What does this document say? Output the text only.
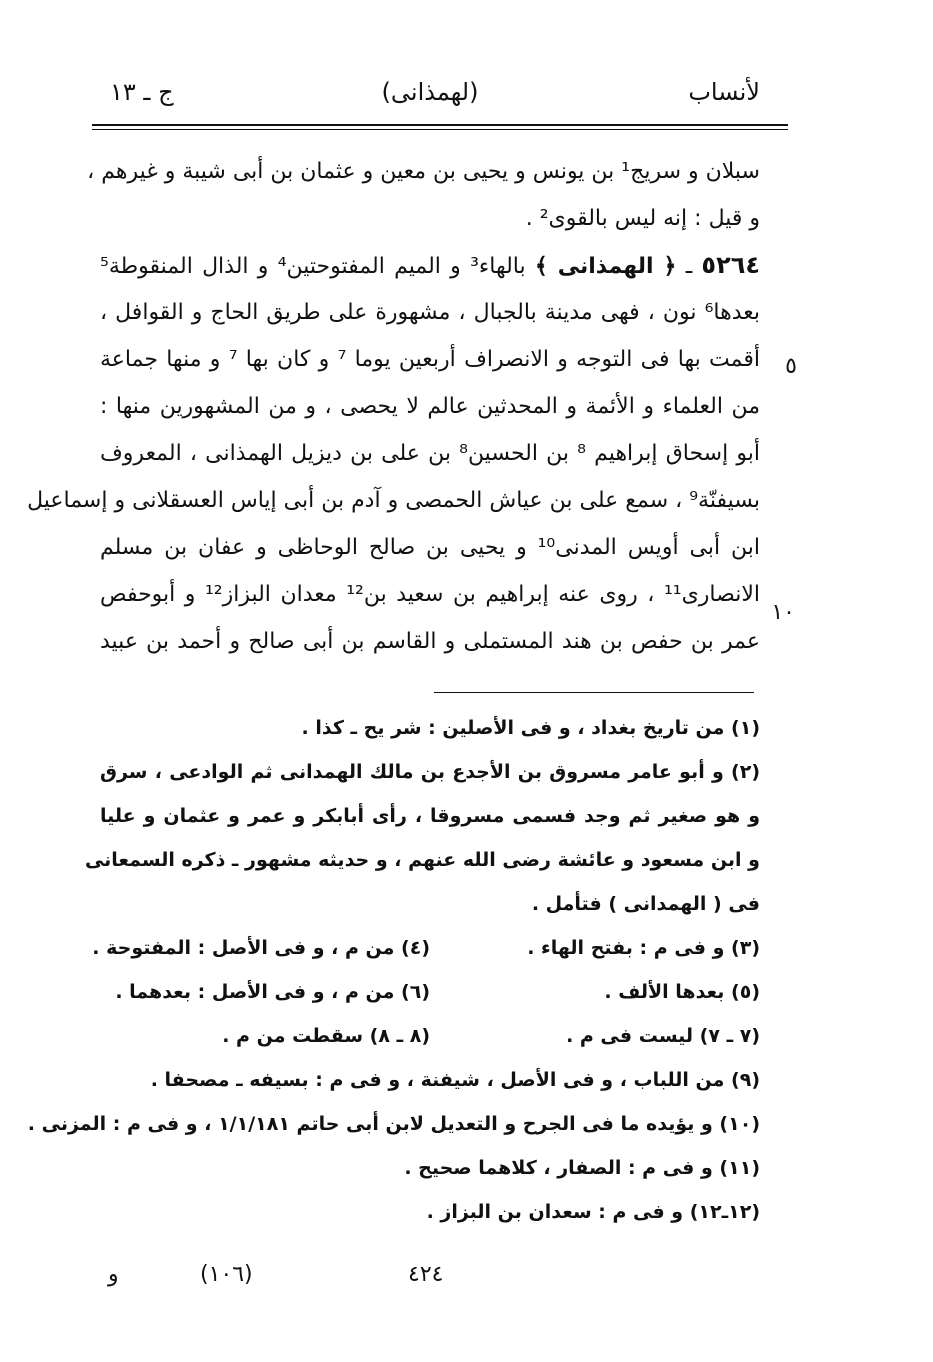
لأنساب
(لهمذانى)
ج ـ ١٣
٥
١٠
سبلان و سريج¹ بن يونس و يحيى بن معين و عثمان بن أبى شيبة و غيرهم ،
و قيل : إنه ليس بالقوى² .
٥٢٦٤ ـ ﴿ الهمذانى ﴾ بالهاء³ و الميم المفتوحتين⁴ و الذال المنقوطة⁵
بعدها⁶ نون ، فهى مدينة بالجبال ، مشهورة على طريق الحاج و القوافل ،
أقمت بها فى التوجه و الانصراف أربعين يوما ⁷ و كان بها ⁷ و منها جماعة
من العلماء و الأئمة و المحدثين عالم لا يحصى ، و من المشهورين منها :
أبو إسحاق إبراهيم ⁸ بن الحسين⁸ بن على بن ديزيل الهمذانى ، المعروف
بسيفنّة⁹ ، سمع على بن عياش الحمصى و آدم بن أبى إياس العسقلانى و إسماعيل
ابن أبى أويس المدنى¹⁰ و يحيى بن صالح الوحاظى و عفان بن مسلم
الانصارى¹¹ ، روى عنه إبراهيم بن سعيد بن¹² معدان البزاز¹² و أبوحفص
عمر بن حفص بن هند المستملى و القاسم بن أبى صالح و أحمد بن عبيد
(١) من تاريخ بغداد ، و فى الأصلين : شر يح ـ كذا .
(٢) و أبو عامر مسروق بن الأجدع بن مالك الهمدانى ثم الوادعى ، سرق
و هو صغير ثم وجد فسمى مسروقا ، رأى أبابكر و عمر و عثمان و عليا
و ابن مسعود و عائشة رضى الله عنهم ، و حديثه مشهور ـ ذكره السمعانى
فى ( الهمدانى ) فتأمل .
(٣) و فى م : بفتح الهاء .
(٤) من م ، و فى الأصل : المفتوحة .
(٥) بعدها الألف .
(٦) من م ، و فى الأصل : بعدهما .
(٧ ـ ٧) ليست فى م .
(٨ ـ ٨) سقطت من م .
(٩) من اللباب ، و فى الأصل ، شيفنة ، و فى م : بسيفه ـ مصحفا .
(١٠) و يؤيده ما فى الجرح و التعديل لابن أبى حاتم ١/١/١٨١ ، و فى م : المزنى .
(١١) و فى م : الصفار ، كلاهما صحيح .
(١٢ـ١٢) و فى م : سعدان بن البزاز .
٤٢٤
(١٠٦)
و
